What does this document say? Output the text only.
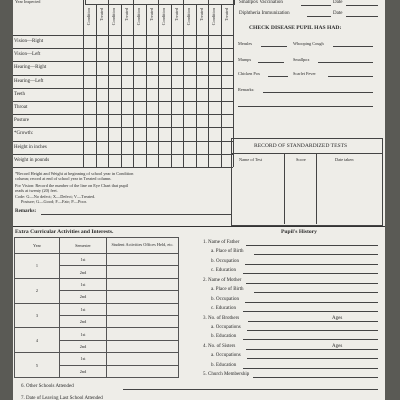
Year Inspected	Smallpox Vaccination	Date
Diphtheria Immunization	Date
Condition Treated Condition Treated Condition Treated Condition Treated Condition Treated Condition Treated
Vision—Right
Vision—Left
Hearing—Right
Hearing—Left
Teeth
Throat
Posture
*Growth:
Height in inches
Weight in pounds
CHECK DISEASE PUPIL HAS HAD:
Measles	Whooping Cough
Mumps	Smallpox
Chicken Pox	Scarlet Fever
Remarks:
*Record Height and Weight at beginning of school year in Condition
column; record at end of school year in Treated column.
For Vision: Record the number of the line on Eye Chart that pupil
reads at twenty (20) feet.
Code: G—No defect; X—Defect; V—Treated.
Posture; G—Good; F—Fair; P—Poor.
Remarks:
RECORD OF STANDARDIZED TESTS
Name of Test	Score	Date taken
Extra Curricular Activities and Interests.
Year	Semester	Student Activities Offices Held, etc.
1	1st	
	2nd	
2	1st	
	2nd	
3	1st	
	2nd	
4	1st	
	2nd	
5	1st	
	2nd	
Pupil's History
1. Name of Father
a. Place of Birth
b. Occupation
c. Education
2. Name of Mother
a. Place of Birth
b. Occupation
c. Education
3. No. of Brothers	Ages
a. Occupations
b. Education
4. No. of Sisters	Ages
a. Occupations
b. Education
5. Church Membership
6. Other Schools Attended
7. Date of Leaving Last School Attended
